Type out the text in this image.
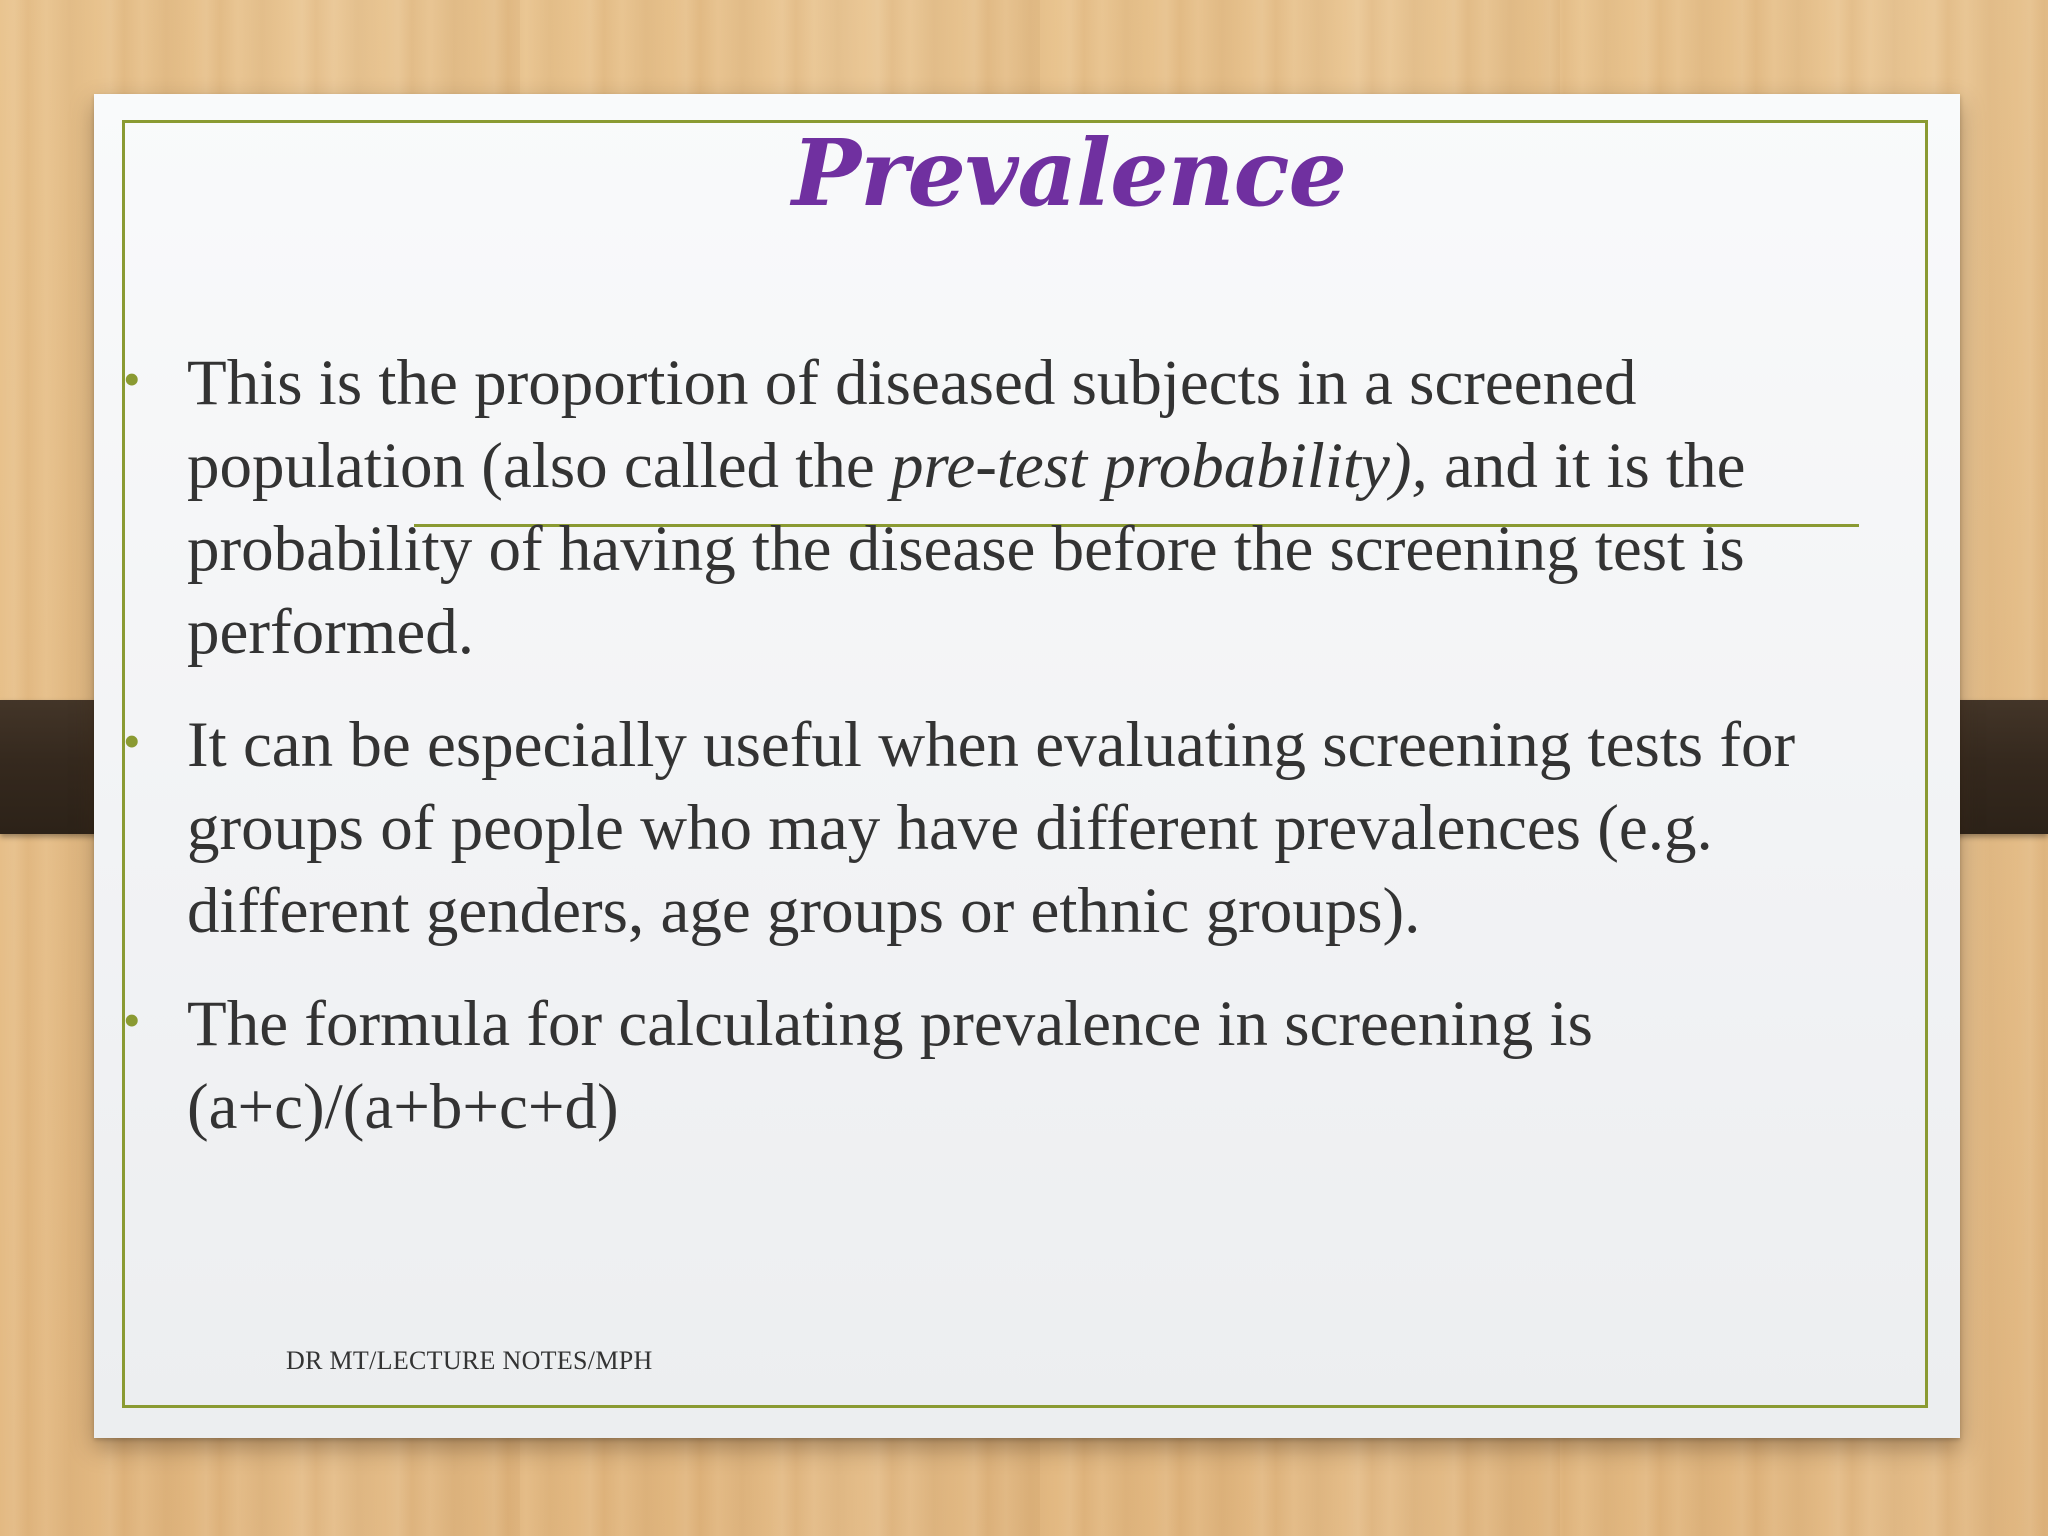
Prevalence
• This is the proportion of diseased subjects in a screened population (also called the pre-test probability), and it is the probability of having the disease before the screening test is performed.
• It can be especially useful when evaluating screening tests for groups of people who may have different prevalences (e.g. different genders, age groups or ethnic groups).
• The formula for calculating prevalence in screening is (a+c)/(a+b+c+d)
DR MT/LECTURE NOTES/MPH
